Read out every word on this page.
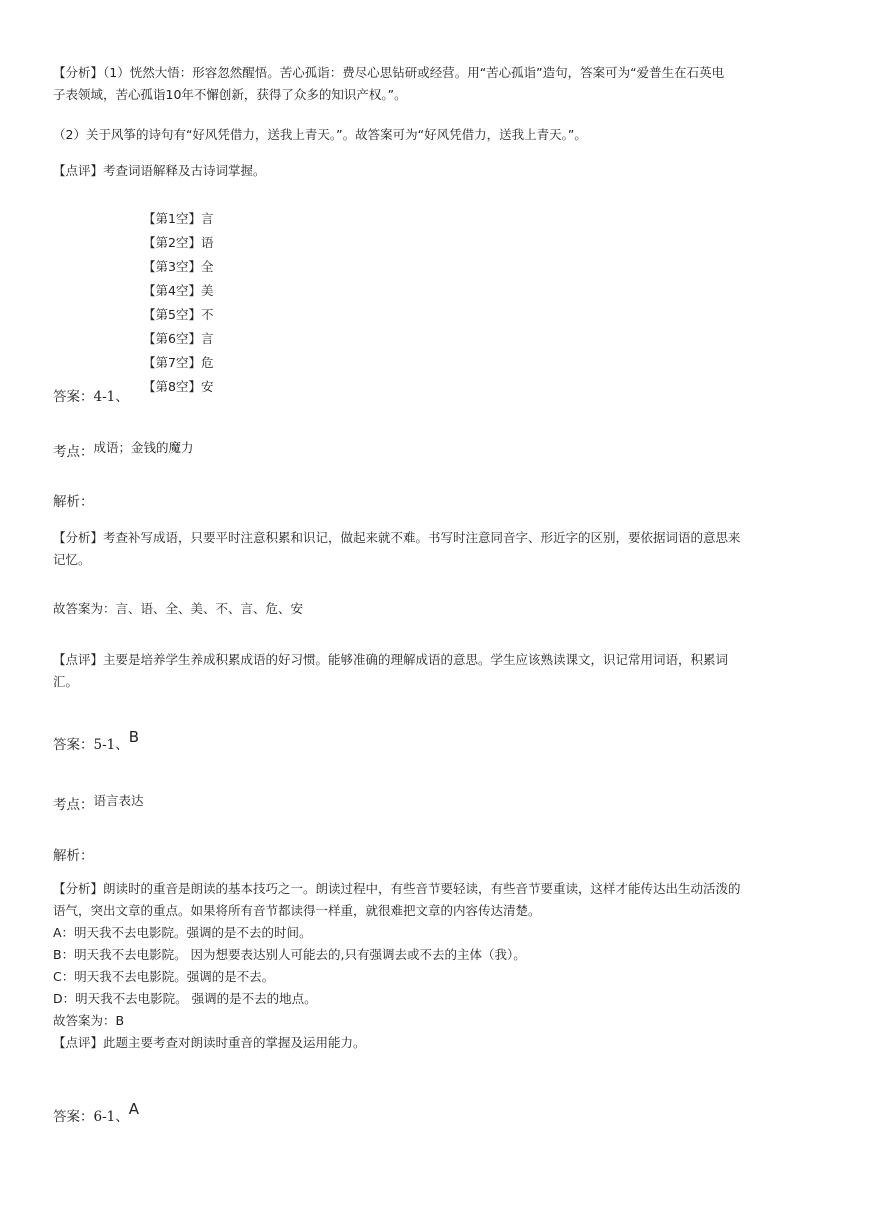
【分析】（1）恍然大悟：形容忽然醒悟。苦心孤诣：费尽心思钻研或经营。用“苦心孤诣”造句，答案可为“爱普生在石英电
子表领域，苦心孤诣10年不懈创新，获得了众多的知识产权。”。
（2）关于风筝的诗句有“好风凭借力，送我上青天。”。故答案可为“好风凭借力，送我上青天。”。
【点评】考查词语解释及古诗词掌握。
【第1空】言
【第2空】语
【第3空】全
【第4空】美
【第5空】不
【第6空】言
【第7空】危
【第8空】安
答案：4-1、
考点：$^{成语;金钱的魔力}$
解析：
【分析】考查补写成语，只要平时注意积累和识记，做起来就不难。书写时注意同音字、形近字的区别，要依据词语的意思来
记忆。
故答案为：言、语、全、美、不、言、危、安
【点评】主要是培养学生养成积累成语的好习惯。能够准确的理解成语的意思。学生应该熟读课文，识记常用词语，积累词
汇。
答案：5-1、B
考点：$^{语言表达}$
解析：
【分析】朗读时的重音是朗读的基本技巧之一。朗读过程中，有些音节要轻读，有些音节要重读，这样才能传达出生动活泼的
语气，突出文章的重点。如果将所有音节都读得一样重，就很难把文章的内容传达清楚。
A：明天我不去电影院。强调的是不去的时间。
B：明天我不去电影院。 因为想要表达别人可能去的,只有强调去或不去的主体（我）。
C：明天我不去电影院。强调的是不去。
D：明天我不去电影院。 强调的是不去的地点。
故答案为：B
【点评】此题主要考查对朗读时重音的掌握及运用能力。
答案：6-1、A
